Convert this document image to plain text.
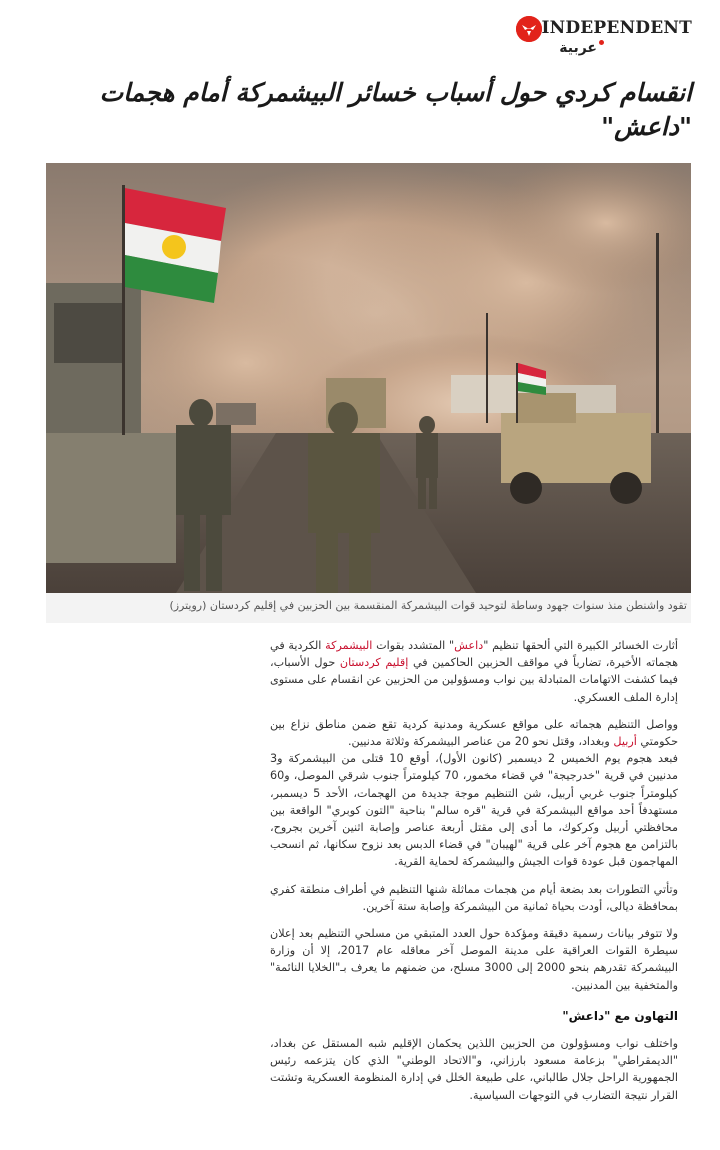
INDEPENDENT
عربية
انقسام كردي حول أسباب خسائر البيشمركة أمام هجمات "داعش"
تقود واشنطن منذ سنوات جهود وساطة لتوحيد قوات البيشمركة المنقسمة بين الحزبين في إقليم كردستان (رويترز)

أثارت الخسائر الكبيرة التي ألحقها تنظيم "داعش" المتشدد بقوات البيشمركة الكردية في هجماته الأخيرة، تضارباً في مواقف الحزبين الحاكمين في إقليم كردستان حول الأسباب، فيما كشفت الاتهامات المتبادلة بين نواب ومسؤولين من الحزبين عن انقسام على مستوى إدارة الملف العسكري.

وواصل التنظيم هجماته على مواقع عسكرية ومدنية كردية تقع ضمن مناطق نزاع بين حكومتي أربيل وبغداد، وقتل نحو 20 من عناصر البيشمركة وثلاثة مدنيين.

فبعد هجوم يوم الخميس 2 ديسمبر (كانون الأول)، أوقع 10 قتلى من البيشمركة و3 مدنيين في قرية "خدرجيجة" في قضاء مخمور، 70 كيلومتراً جنوب شرقي الموصل، و60 كيلومتراً جنوب غربي أربيل، شن التنظيم موجة جديدة من الهجمات، الأحد 5 ديسمبر، مستهدفاً أحد مواقع البيشمركة في قرية "قره سالم" بناحية "التون كوبري" الواقعة بين محافظتي أربيل وكركوك، ما أدى إلى مقتل أربعة عناصر وإصابة اثنين آخرين بجروح، بالتزامن مع هجوم آخر على قرية "لهيبان" في قضاء الدبس بعد نزوح سكانها، ثم انسحب المهاجمون قبل عودة قوات الجيش والبيشمركة لحماية القرية.

وتأتي التطورات بعد بضعة أيام من هجمات مماثلة شنها التنظيم في أطراف منطقة كفري بمحافظة ديالى، أودت بحياة ثمانية من البيشمركة وإصابة ستة آخرين.

ولا تتوفر بيانات رسمية دقيقة ومؤكدة حول العدد المتبقي من مسلحي التنظيم بعد إعلان سيطرة القوات العراقية على مدينة الموصل آخر معاقله عام 2017، إلا أن وزارة البيشمركة تقدرهم بنحو 2000 إلى 3000 مسلح، من ضمنهم ما يعرف بـ"الخلايا النائمة" والمتخفية بين المدنيين.

التهاون مع "داعش"

واختلف نواب ومسؤولون من الحزبين اللذين يحكمان الإقليم شبه المستقل عن بغداد، "الديمقراطي" بزعامة مسعود بارزاني، و"الاتحاد الوطني" الذي كان يتزعمه رئيس الجمهورية الراحل جلال طالباني، على طبيعة الخلل في إدارة المنظومة العسكرية وتشتت القرار نتيجة التضارب في التوجهات السياسية.
